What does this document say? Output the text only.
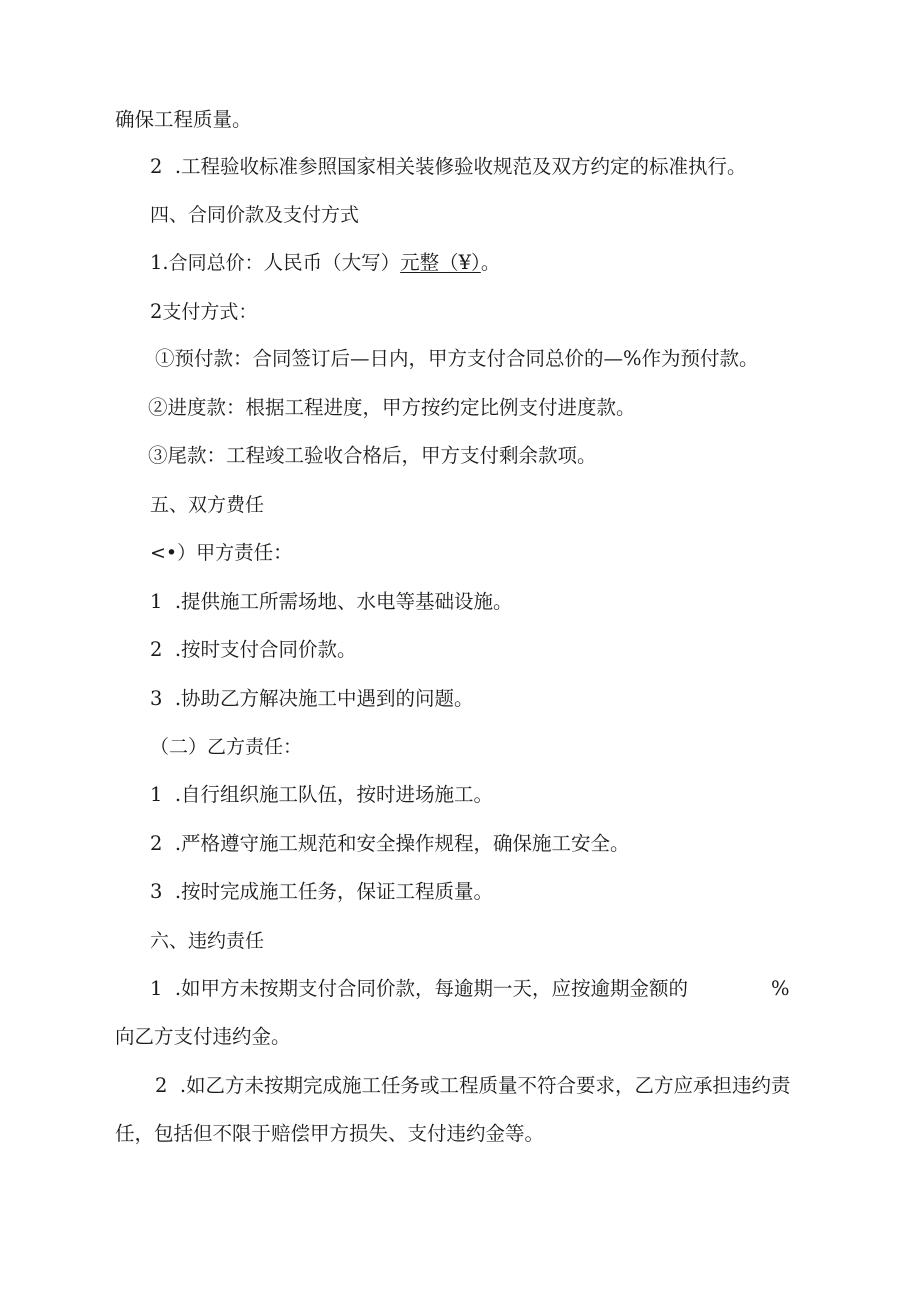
确保工程质量。
2 .工程验收标准参照国家相关装修验收规范及双方约定的标准执行。
四、合同价款及支付方式
1.合同总价：人民币（大写）元整（¥）。
2支付方式：
①预付款：合同签订后—日内，甲方支付合同总价的—%作为预付款。
②进度款：根据工程进度，甲方按约定比例支付进度款。
③尾款：工程竣工验收合格后，甲方支付剩余款项。
五、双方费任
<•）甲方责任：
1 .提供施工所需场地、水电等基础设施。
2 .按时支付合同价款。
3 .协助乙方解决施工中遇到的问题。
（二）乙方责任：
1 .自行组织施工队伍，按时进场施工。
2 .严格遵守施工规范和安全操作规程，确保施工安全。
3 .按时完成施工任务，保证工程质量。
六、违约责任
1 .如甲方未按期支付合同价款，每逾期一天，应按逾期金额的	%
向乙方支付违约金。
2 .如乙方未按期完成施工任务或工程质量不符合要求，乙方应承担违约责
任，包括但不限于赔偿甲方损失、支付违约金等。
